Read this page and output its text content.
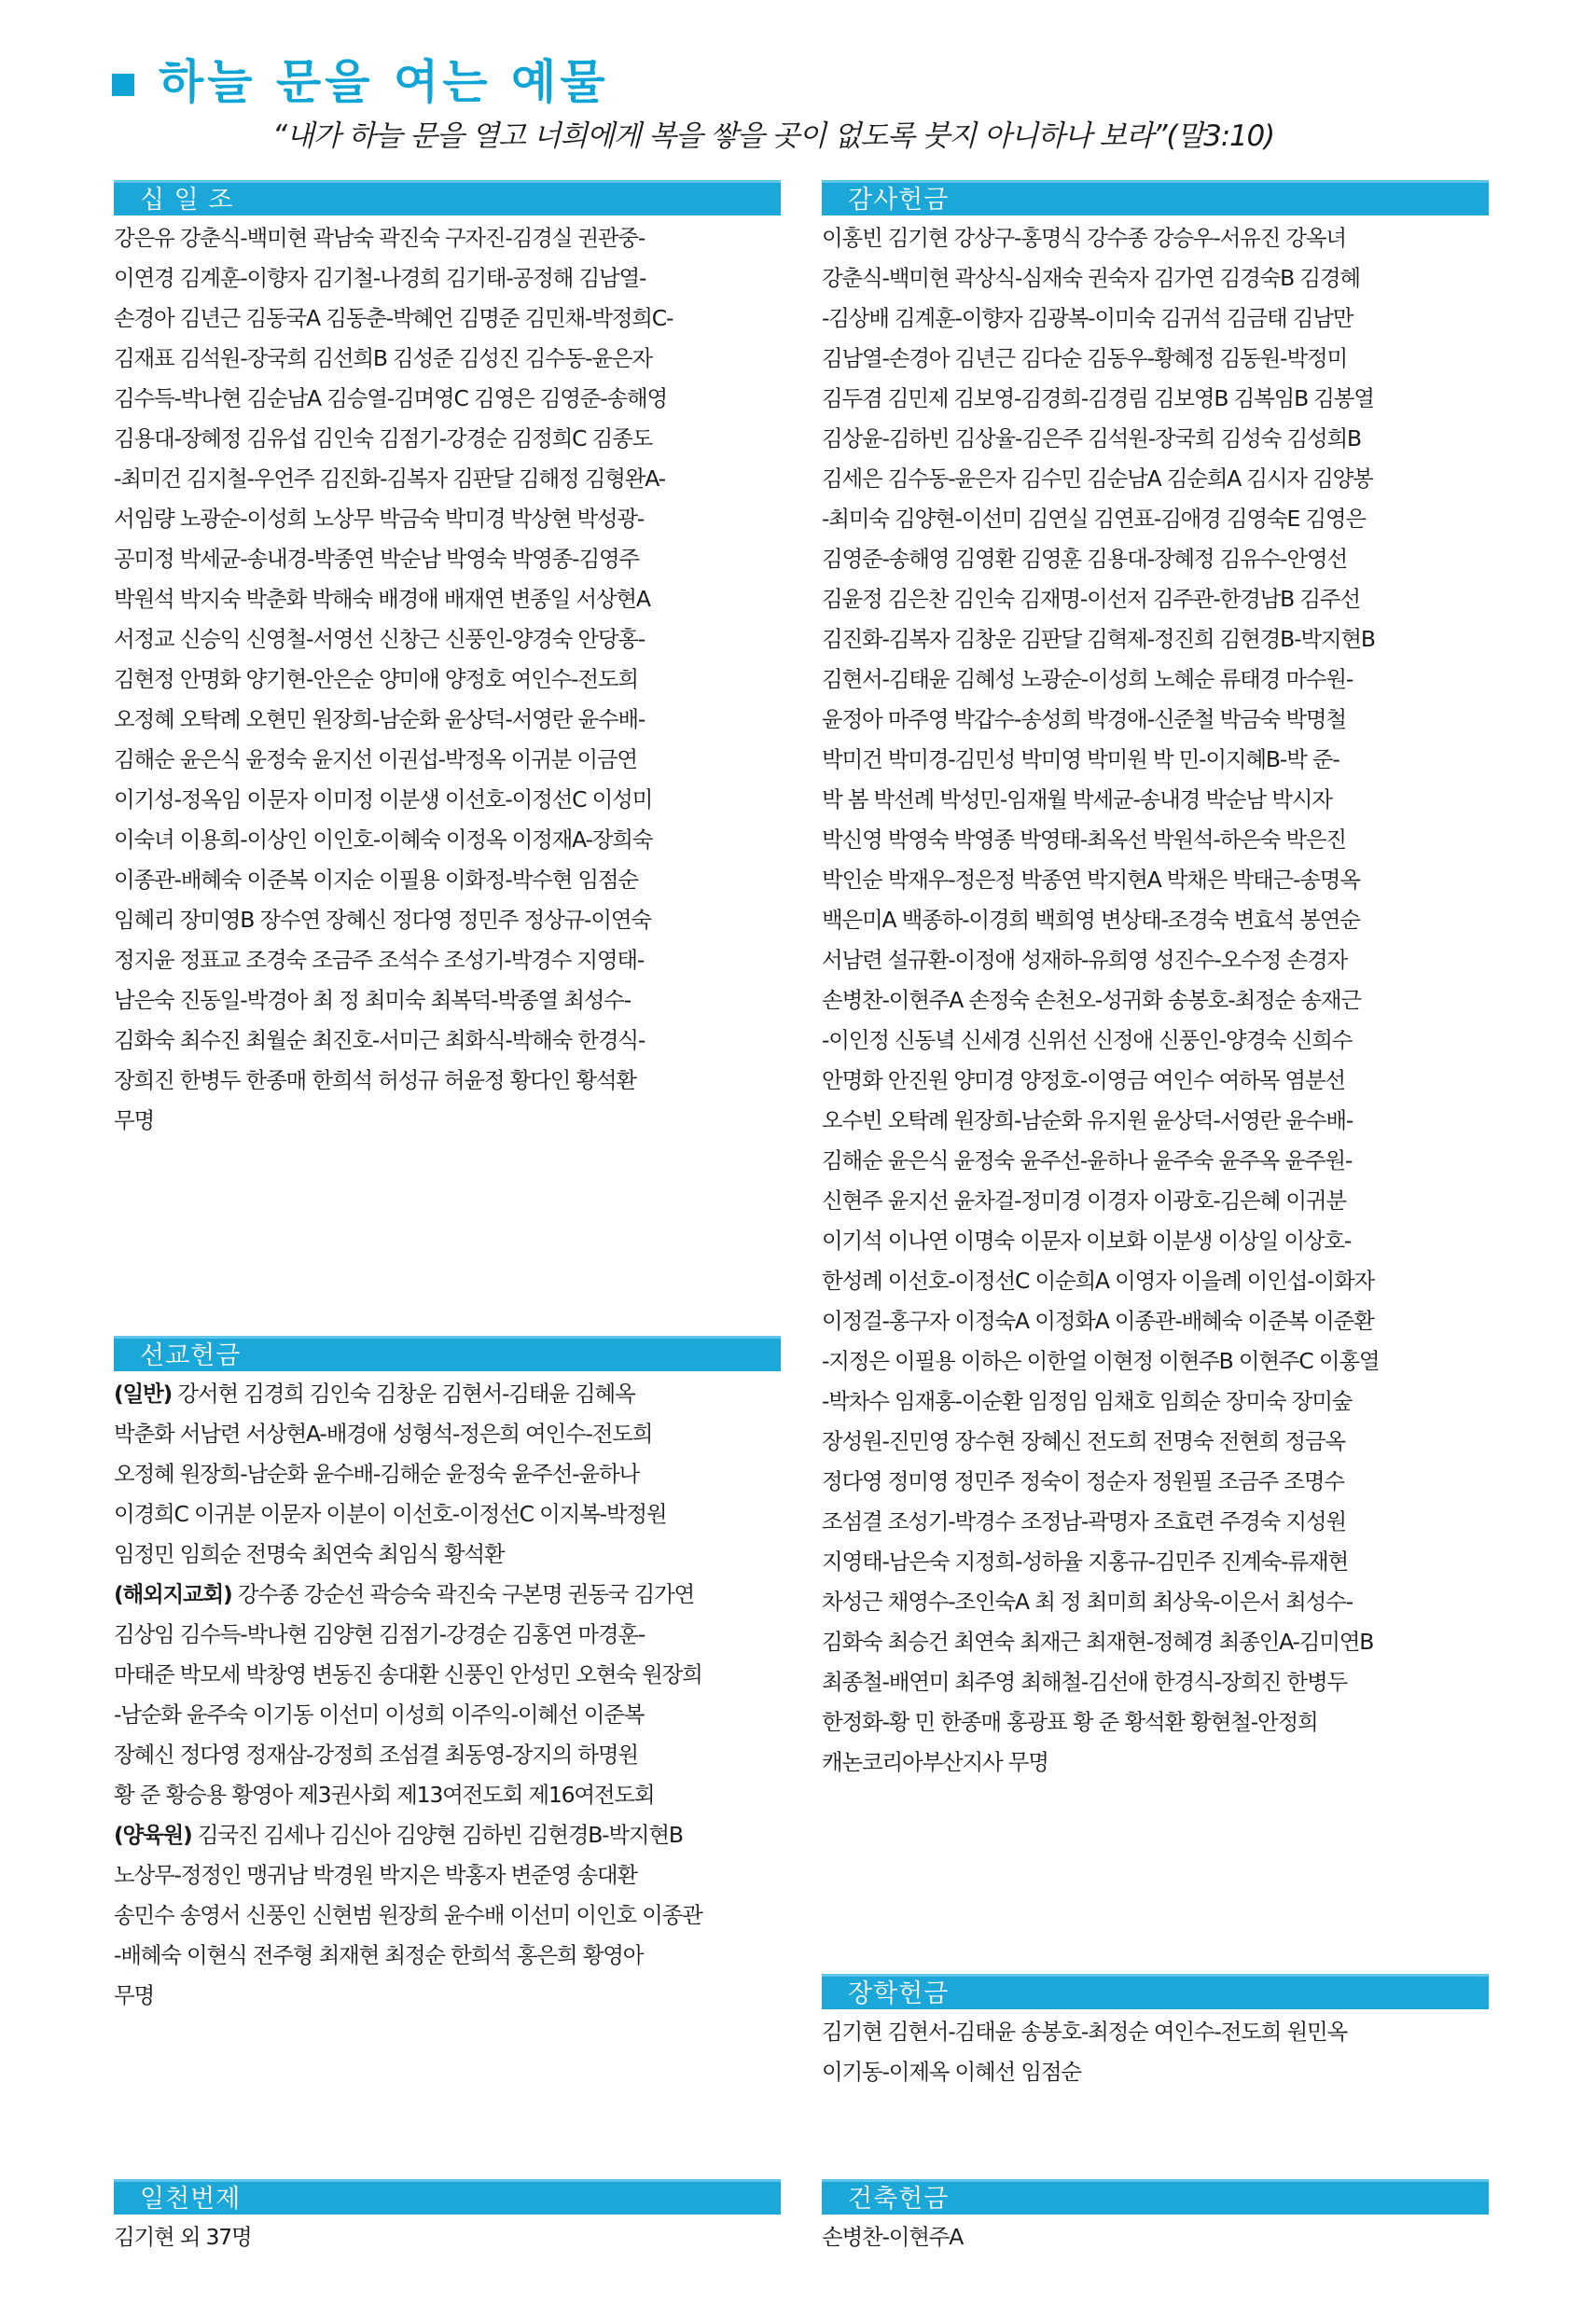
하늘 문을 여는 예물
“내가 하늘 문을 열고 너희에게 복을 쌓을 곳이 없도록 붓지 아니하나 보라”(말3:10)
십 일 조
강은유 강춘식-백미현 곽남숙 곽진숙 구자진-김경실 권관중-
이연경 김계훈-이향자 김기철-나경희 김기태-공정해 김남열-
손경아 김년근 김동국A 김동춘-박혜언 김명준 김민채-박정희C-
김재표 김석원-장국희 김선희B 김성준 김성진 김수동-윤은자
김수득-박나현 김순남A 김승열-김며영C 김영은 김영준-송해영
김용대-장혜정 김유섭 김인숙 김점기-강경순 김정희C 김종도
-최미건 김지철-우언주 김진화-김복자 김판달 김해정 김형완A-
서임량 노광순-이성희 노상무 박금숙 박미경 박상현 박성광-
공미정 박세균-송내경-박종연 박순남 박영숙 박영종-김영주
박원석 박지숙 박춘화 박해숙 배경애 배재연 변종일 서상현A
서정교 신승익 신영철-서영선 신창근 신풍인-양경숙 안당홍-
김현정 안명화 양기현-안은순 양미애 양정호 여인수-전도희
오정혜 오탁례 오현민 원장희-남순화 윤상덕-서영란 윤수배-
김해순 윤은식 윤정숙 윤지선 이권섭-박정옥 이귀분 이금연
이기성-정옥임 이문자 이미정 이분생 이선호-이정선C 이성미
이숙녀 이용희-이상인 이인호-이혜숙 이정옥 이정재A-장희숙
이종관-배혜숙 이준복 이지순 이필용 이화정-박수현 임점순
임혜리 장미영B 장수연 장혜신 정다영 정민주 정상규-이연숙
정지윤 정표교 조경숙 조금주 조석수 조성기-박경수 지영태-
남은숙 진동일-박경아 최 정 최미숙 최복덕-박종열 최성수-
김화숙 최수진 최월순 최진호-서미근 최화식-박해숙 한경식-
장희진 한병두 한종매 한희석 허성규 허윤정 황다인 황석환
무명
선교헌금
(일반) 강서현 김경희 김인숙 김창운 김현서-김태윤 김혜옥
박춘화 서남련 서상현A-배경애 성형석-정은희 여인수-전도희
오정혜 원장희-남순화 윤수배-김해순 윤정숙 윤주선-윤하나
이경희C 이귀분 이문자 이분이 이선호-이정선C 이지복-박정원
임정민 임희순 전명숙 최연숙 최임식 황석환
(해외지교회) 강수종 강순선 곽승숙 곽진숙 구본명 권동국 김가연
김상임 김수득-박나현 김양현 김점기-강경순 김홍연 마경훈-
마태준 박모세 박창영 변동진 송대환 신풍인 안성민 오현숙 원장희
-남순화 윤주숙 이기동 이선미 이성희 이주익-이혜선 이준복
장혜신 정다영 정재삼-강정희 조섬결 최동영-장지의 하명원
황 준 황승용 황영아 제3권사회 제13여전도회 제16여전도회
(양육원) 김국진 김세나 김신아 김양현 김하빈 김현경B-박지현B
노상무-정정인 맹귀남 박경원 박지은 박홍자 변준영 송대환
송민수 송영서 신풍인 신현범 원장희 윤수배 이선미 이인호 이종관
-배혜숙 이현식 전주형 최재현 최정순 한희석 홍은희 황영아
무명
일천번제
김기현 외 37명
감사헌금
이홍빈 김기현 강상구-홍명식 강수종 강승우-서유진 강옥녀
강춘식-백미현 곽상식-심재숙 권숙자 김가연 김경숙B 김경혜
-김상배 김계훈-이향자 김광복-이미숙 김귀석 김금태 김남만
김남열-손경아 김년근 김다순 김동우-황혜정 김동원-박정미
김두겸 김민제 김보영-김경희-김경림 김보영B 김복임B 김봉열
김상윤-김하빈 김상율-김은주 김석원-장국희 김성숙 김성희B
김세은 김수동-윤은자 김수민 김순남A 김순희A 김시자 김양봉
-최미숙 김양현-이선미 김연실 김연표-김애경 김영숙E 김영은
김영준-송해영 김영환 김영훈 김용대-장혜정 김유수-안영선
김윤정 김은찬 김인숙 김재명-이선저 김주관-한경남B 김주선
김진화-김복자 김창운 김판달 김혁제-정진희 김현경B-박지현B
김현서-김태윤 김혜성 노광순-이성희 노혜순 류태경 마수원-
윤정아 마주영 박갑수-송성희 박경애-신준철 박금숙 박명철
박미건 박미경-김민성 박미영 박미원 박 민-이지혜B-박 준-
박 봄 박선례 박성민-임재월 박세균-송내경 박순남 박시자
박신영 박영숙 박영종 박영태-최옥선 박원석-하은숙 박은진
박인순 박재우-정은정 박종연 박지현A 박채은 박태근-송명옥
백은미A 백종하-이경희 백희영 변상태-조경숙 변효석 봉연순
서남련 설규환-이정애 성재하-유희영 성진수-오수정 손경자
손병찬-이현주A 손정숙 손천오-성귀화 송봉호-최정순 송재근
-이인정 신동녘 신세경 신위선 신정애 신풍인-양경숙 신희수
안명화 안진원 양미경 양정호-이영금 여인수 여하목 염분선
오수빈 오탁례 원장희-남순화 유지원 윤상덕-서영란 윤수배-
김해순 윤은식 윤정숙 윤주선-윤하나 윤주숙 윤주옥 윤주원-
신현주 윤지선 윤차걸-정미경 이경자 이광호-김은혜 이귀분
이기석 이나연 이명숙 이문자 이보화 이분생 이상일 이상호-
한성례 이선호-이정선C 이순희A 이영자 이을례 이인섭-이화자
이정걸-홍구자 이정숙A 이정화A 이종관-배혜숙 이준복 이준환
-지정은 이필용 이하은 이한얼 이현정 이현주B 이현주C 이홍열
-박차수 임재홍-이순환 임정임 임채호 임희순 장미숙 장미숲
장성원-진민영 장수현 장혜신 전도희 전명숙 전현희 정금옥
정다영 정미영 정민주 정숙이 정순자 정원필 조금주 조명수
조섬결 조성기-박경수 조정남-곽명자 조효련 주경숙 지성원
지영태-남은숙 지정희-성하율 지홍규-김민주 진계숙-류재현
차성근 채영수-조인숙A 최 정 최미희 최상욱-이은서 최성수-
김화숙 최승건 최연숙 최재근 최재현-정혜경 최종인A-김미연B
최종철-배연미 최주영 최해철-김선애 한경식-장희진 한병두
한정화-황 민 한종매 홍광표 황 준 황석환 황현철-안정희
캐논코리아부산지사 무명
장학헌금
김기현 김현서-김태윤 송봉호-최정순 여인수-전도희 원민옥
이기동-이제옥 이혜선 임점순
건축헌금
손병찬-이현주A
